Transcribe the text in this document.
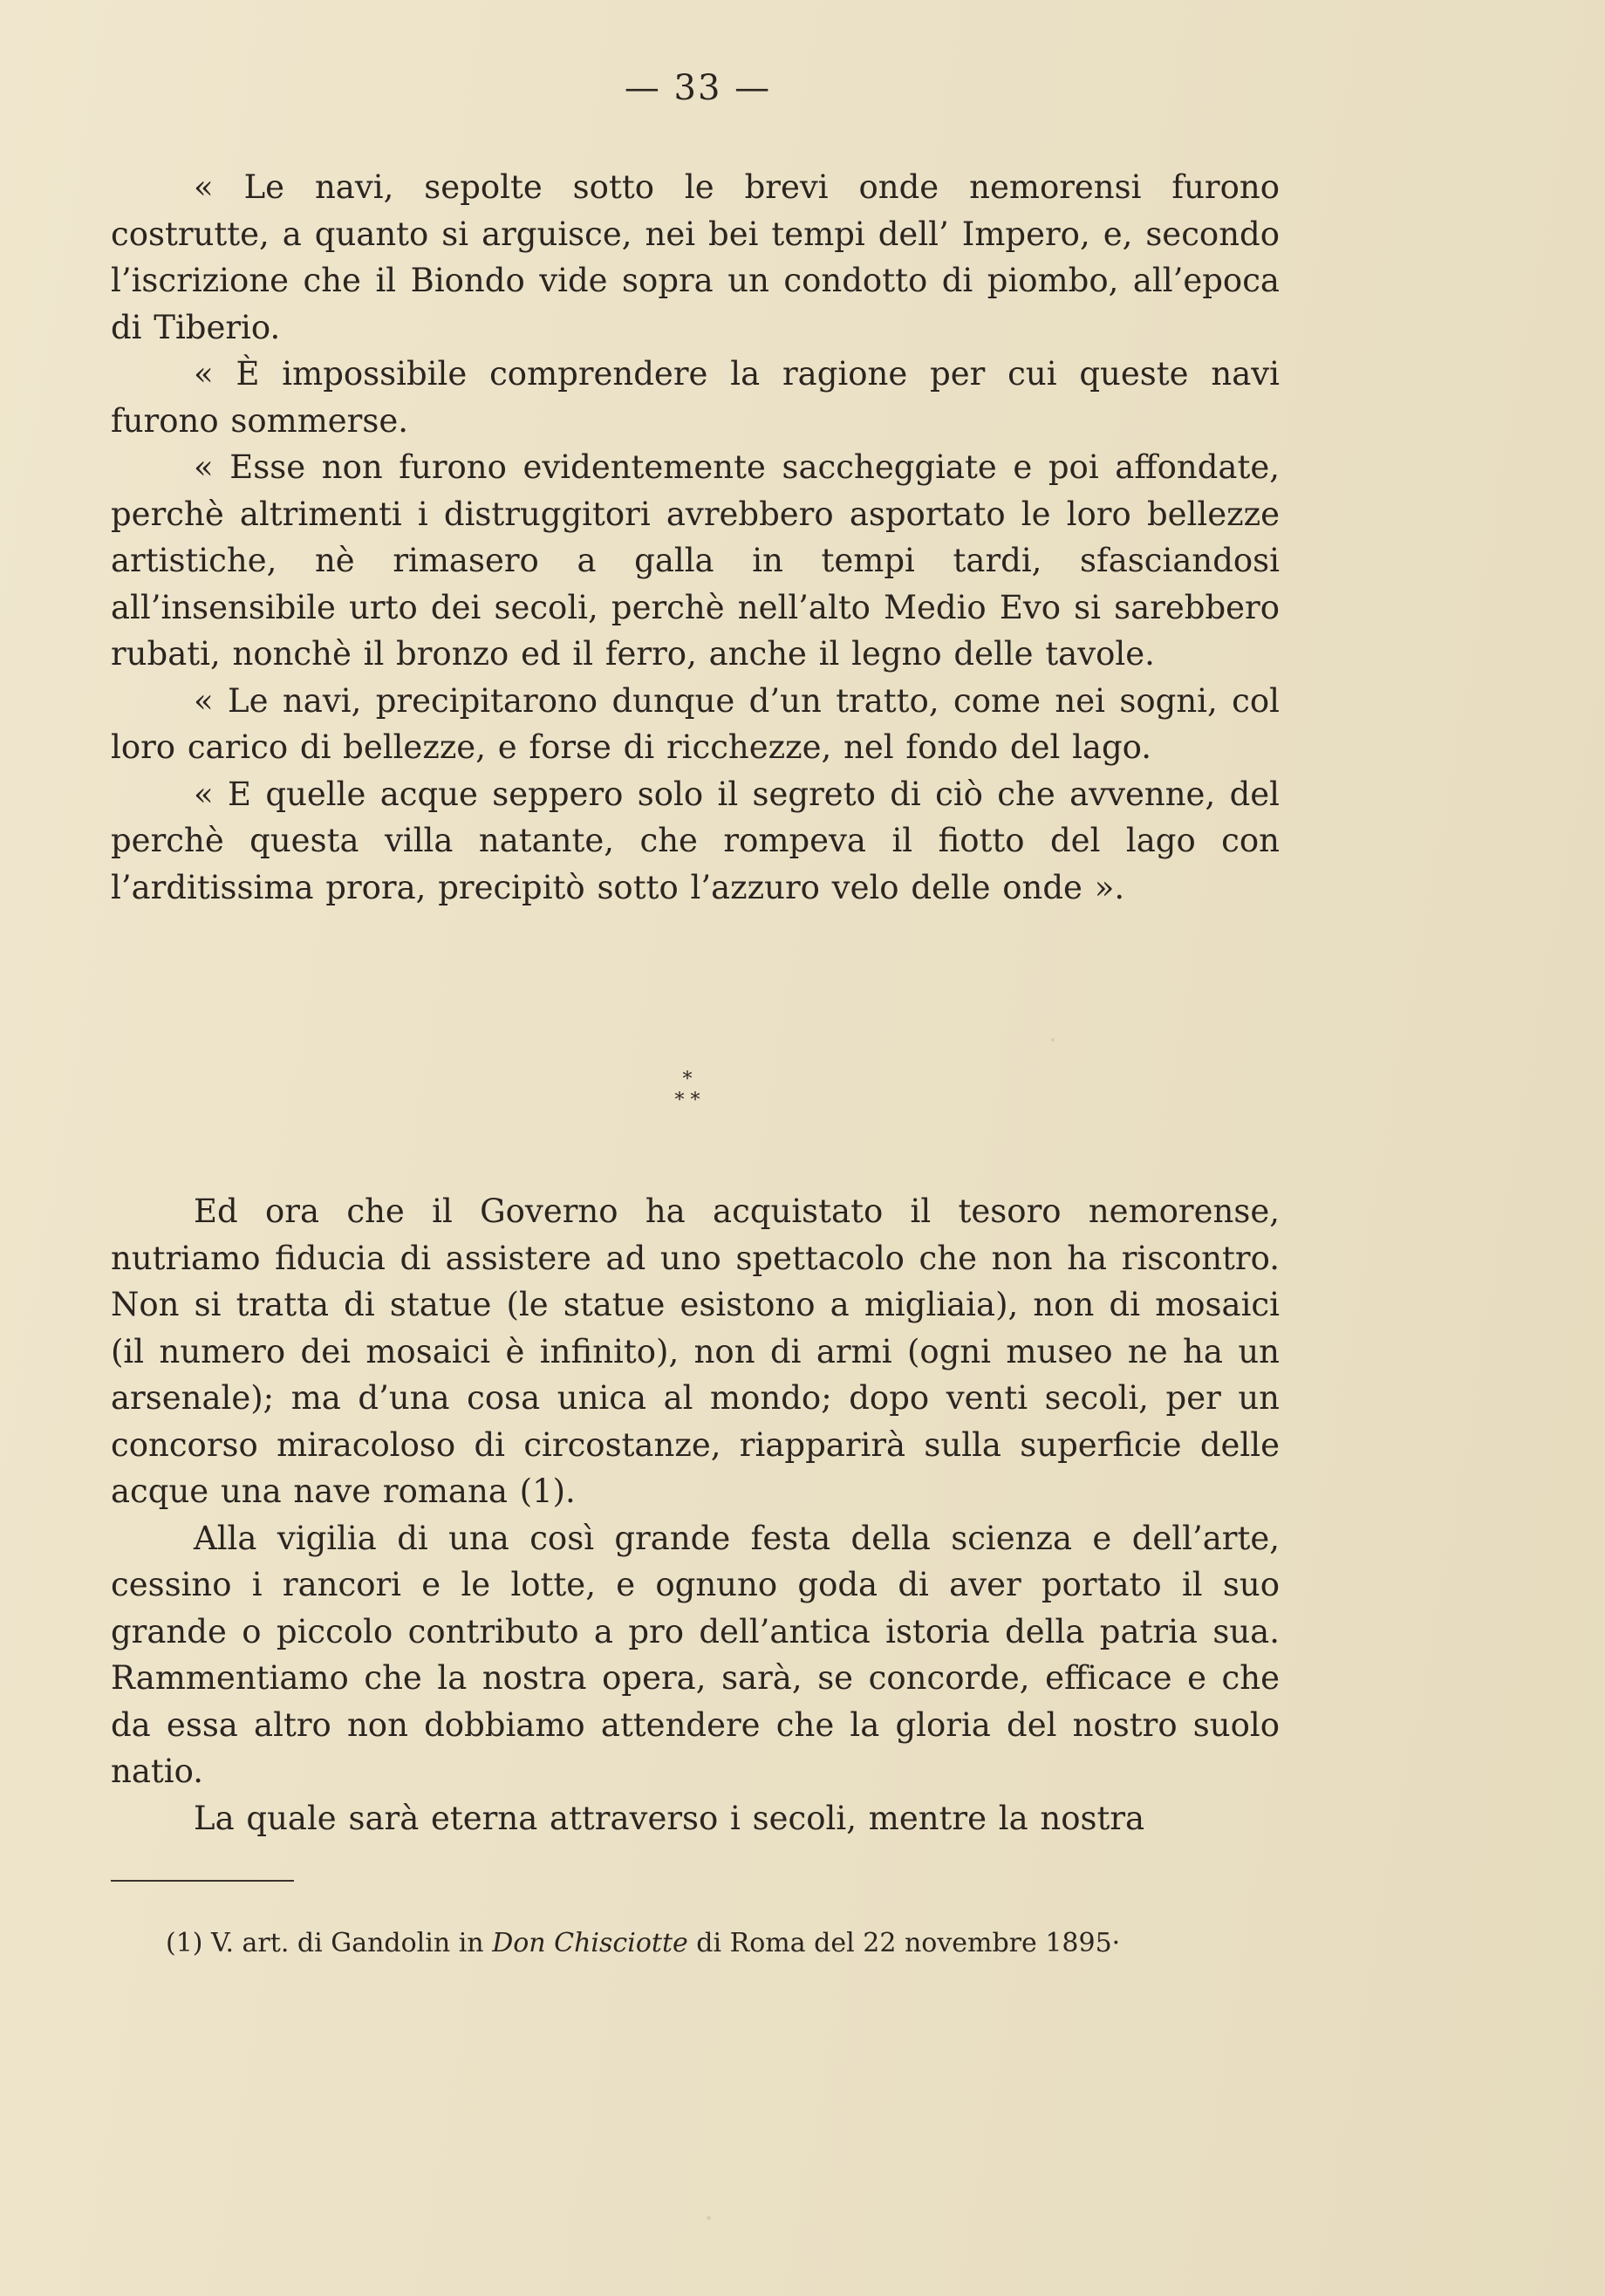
— 33 —

« Le navi, sepolte sotto le brevi onde nemorensi furono costrutte, a quanto si arguisce, nei bei tempi dell’ Impero, e, secondo l’iscrizione che il Biondo vide sopra un condotto di piombo, all’epoca di Tiberio.

« È impossibile comprendere la ragione per cui queste navi furono sommerse.

« Esse non furono evidentemente saccheggiate e poi affondate, perchè altrimenti i distruggitori avrebbero asportato le loro bellezze artistiche, nè rimasero a galla in tempi tardi, sfasciandosi all’insensibile urto dei secoli, perchè nell’alto Medio Evo si sarebbero rubati, nonchè il bronzo ed il ferro, anche il legno delle tavole.

« Le navi, precipitarono dunque d’un tratto, come nei sogni, col loro carico di bellezze, e forse di ricchezze, nel fondo del lago.

« E quelle acque seppero solo il segreto di ciò che avvenne, del perchè questa villa natante, che rompeva il fiotto del lago con l’arditissima prora, precipitò sotto l’azzuro velo delle onde ».

*
* *

Ed ora che il Governo ha acquistato il tesoro nemorense, nutriamo fiducia di assistere ad uno spettacolo che non ha riscontro. Non si tratta di statue (le statue esistono a migliaia), non di mosaici (il numero dei mosaici è infinito), non di armi (ogni museo ne ha un arsenale); ma d’una cosa unica al mondo; dopo venti secoli, per un concorso miracoloso di circostanze, riapparirà sulla superficie delle acque una nave romana (1).

Alla vigilia di una così grande festa della scienza e dell’arte, cessino i rancori e le lotte, e ognuno goda di aver portato il suo grande o piccolo contributo a pro dell’antica istoria della patria sua. Rammentiamo che la nostra opera, sarà, se concorde, efficace e che da essa altro non dobbiamo attendere che la gloria del nostro suolo natio.

La quale sarà eterna attraverso i secoli, mentre la nostra

(1) V. art. di Gandolin in Don Chisciotte di Roma del 22 novembre 1895·
